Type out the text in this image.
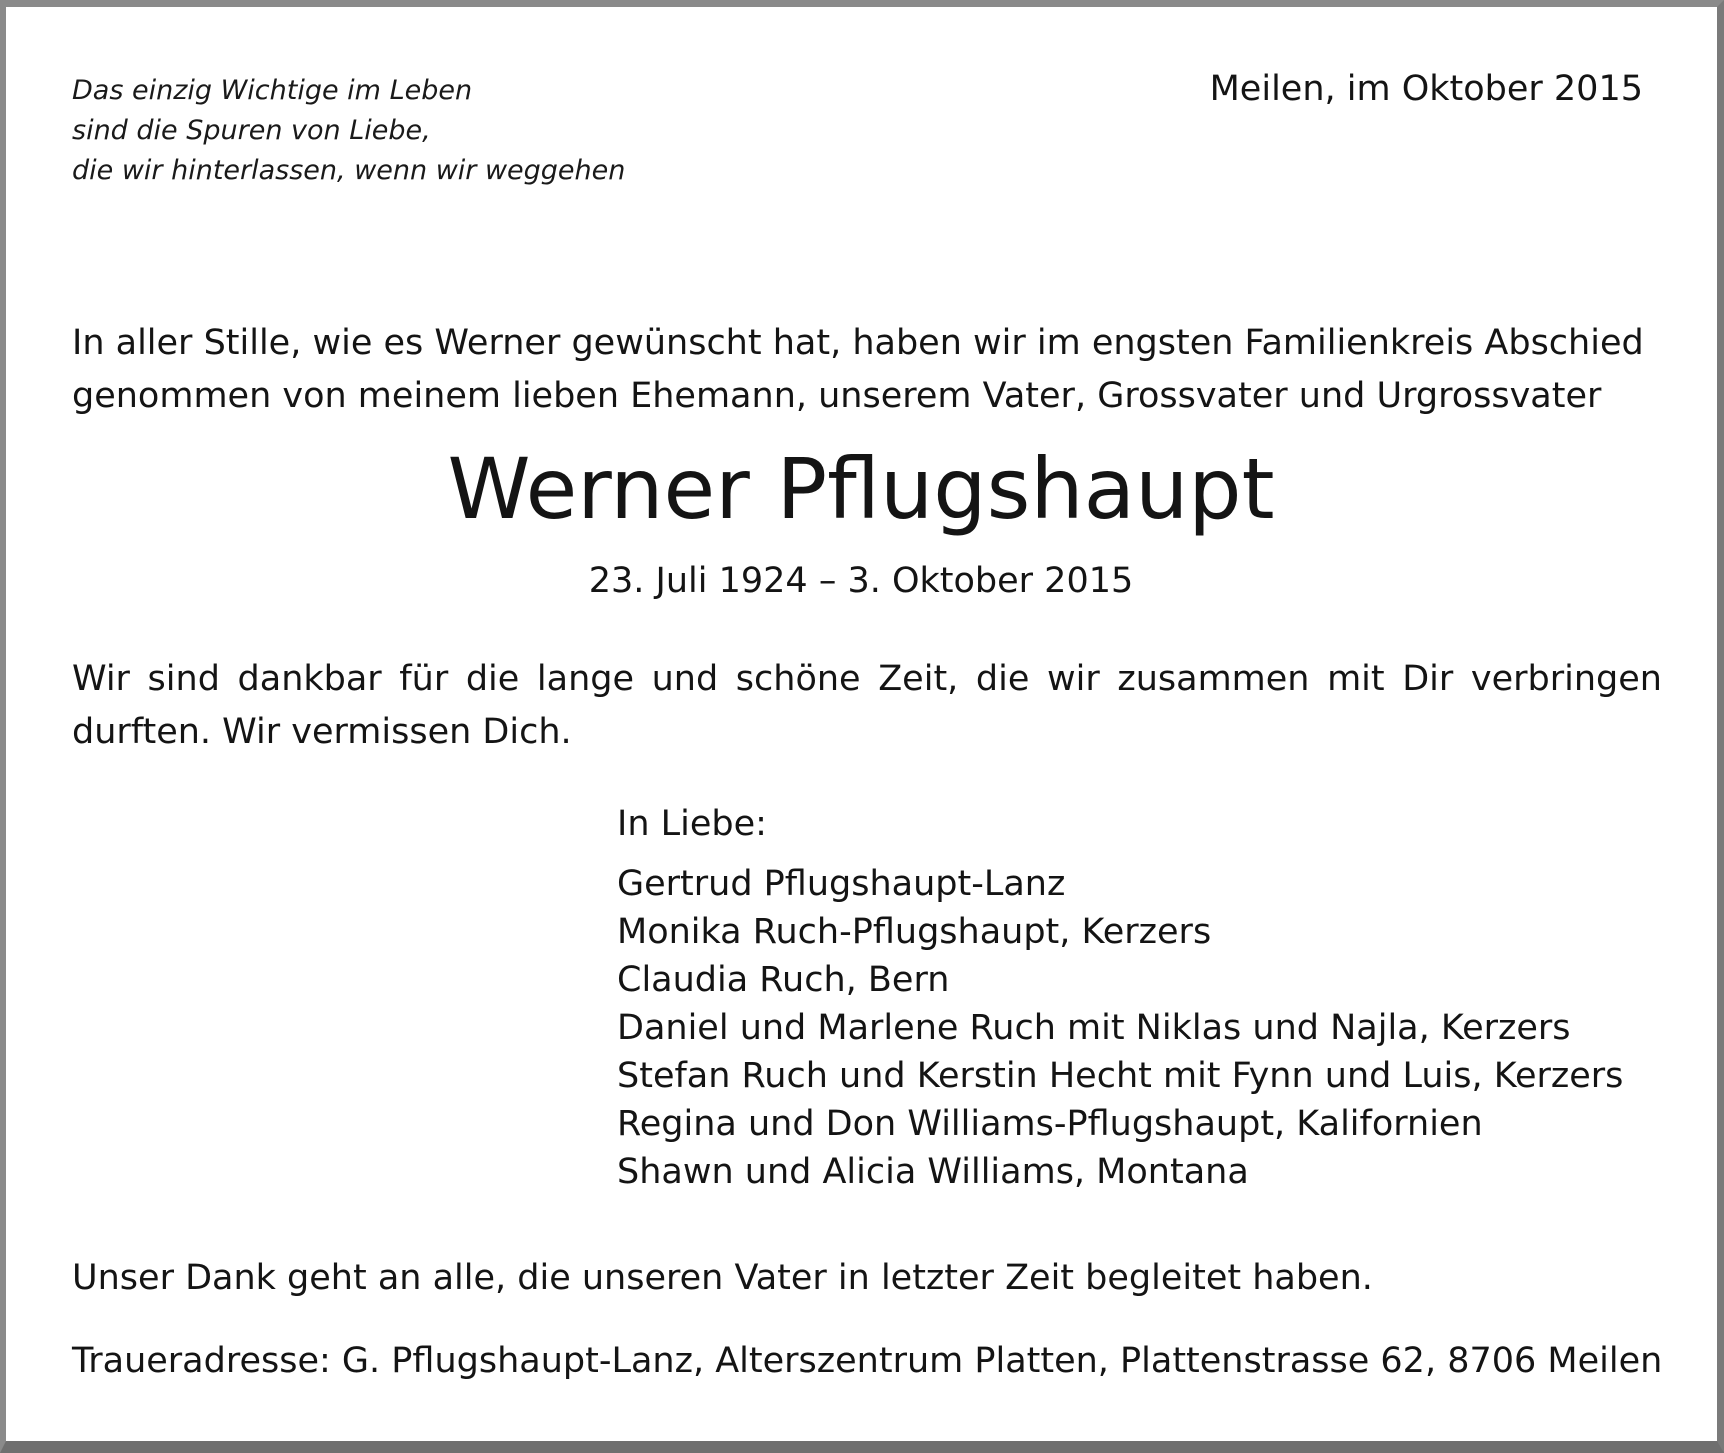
Das einzig Wichtige im Leben
sind die Spuren von Liebe,
die wir hinterlassen, wenn wir weggehen
Meilen, im Oktober 2015
In aller Stille, wie es Werner gewünscht hat, haben wir im engsten Familienkreis Abschied
genommen von meinem lieben Ehemann, unserem Vater, Grossvater und Urgrossvater
Werner Pflugshaupt
23. Juli 1924 – 3. Oktober 2015
Wir sind dankbar für die lange und schöne Zeit, die wir zusammen mit Dir verbringen durften. Wir vermissen Dich.
In Liebe:
Gertrud Pflugshaupt-Lanz
Monika Ruch-Pflugshaupt, Kerzers
Claudia Ruch, Bern
Daniel und Marlene Ruch mit Niklas und Najla, Kerzers
Stefan Ruch und Kerstin Hecht mit Fynn und Luis, Kerzers
Regina und Don Williams-Pflugshaupt, Kalifornien
Shawn und Alicia Williams, Montana
Unser Dank geht an alle, die unseren Vater in letzter Zeit begleitet haben.
Traueradresse: G. Pflugshaupt-Lanz, Alterszentrum Platten, Plattenstrasse 62, 8706 Meilen
